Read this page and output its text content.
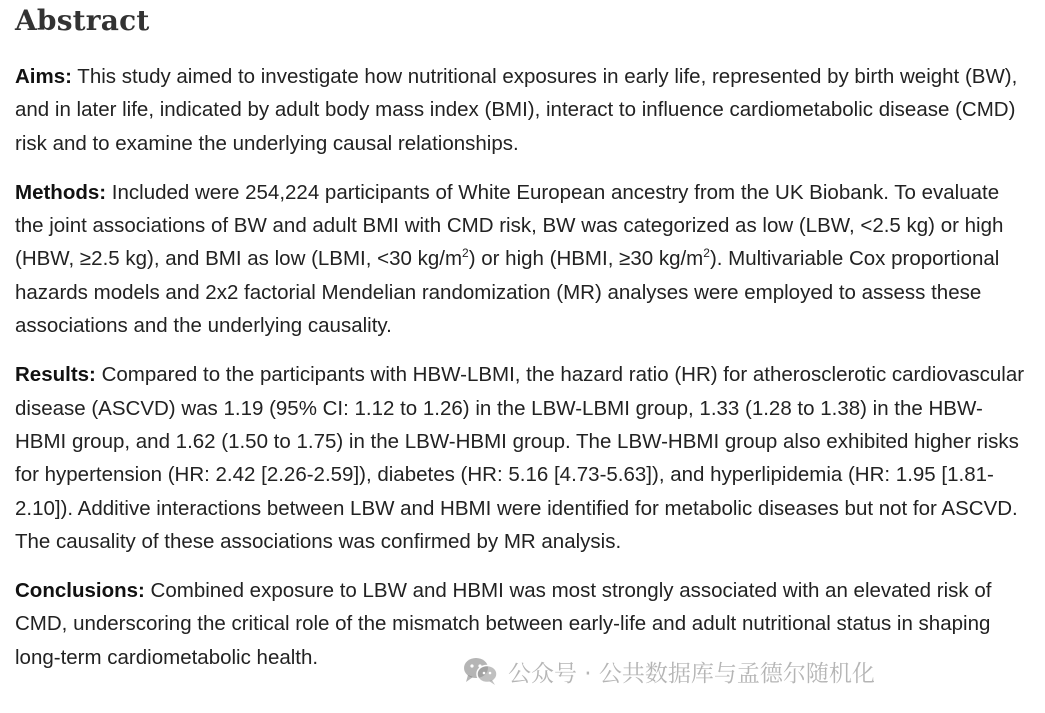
Abstract

Aims: This study aimed to investigate how nutritional exposures in early life, represented by birth weight (BW), and in later life, indicated by adult body mass index (BMI), interact to influence cardiometabolic disease (CMD) risk and to examine the underlying causal relationships.

Methods: Included were 254,224 participants of White European ancestry from the UK Biobank. To evaluate the joint associations of BW and adult BMI with CMD risk, BW was categorized as low (LBW, <2.5 kg) or high (HBW, ≥2.5 kg), and BMI as low (LBMI, <30 $kg/m^2$) or high (HBMI, ≥30 $kg/m^2$). Multivariable Cox proportional hazards models and 2x2 factorial Mendelian randomization (MR) analyses were employed to assess these associations and the underlying causality.

Results: Compared to the participants with HBW-LBMI, the hazard ratio (HR) for atherosclerotic cardiovascular disease (ASCVD) was 1.19 (95% CI: 1.12 to 1.26) in the LBW-LBMI group, 1.33 (1.28 to 1.38) in the HBW-HBMI group, and 1.62 (1.50 to 1.75) in the LBW-HBMI group. The LBW-HBMI group also exhibited higher risks for hypertension (HR: 2.42 [2.26-2.59]), diabetes (HR: 5.16 [4.73-5.63]), and hyperlipidemia (HR: 1.95 [1.81-2.10]). Additive interactions between LBW and HBMI were identified for metabolic diseases but not for ASCVD. The causality of these associations was confirmed by MR analysis.

Conclusions: Combined exposure to LBW and HBMI was most strongly associated with an elevated risk of CMD, underscoring the critical role of the mismatch between early-life and adult nutritional status in shaping long-term cardiometabolic health.

公众号 · 公共数据库与孟德尔随机化
